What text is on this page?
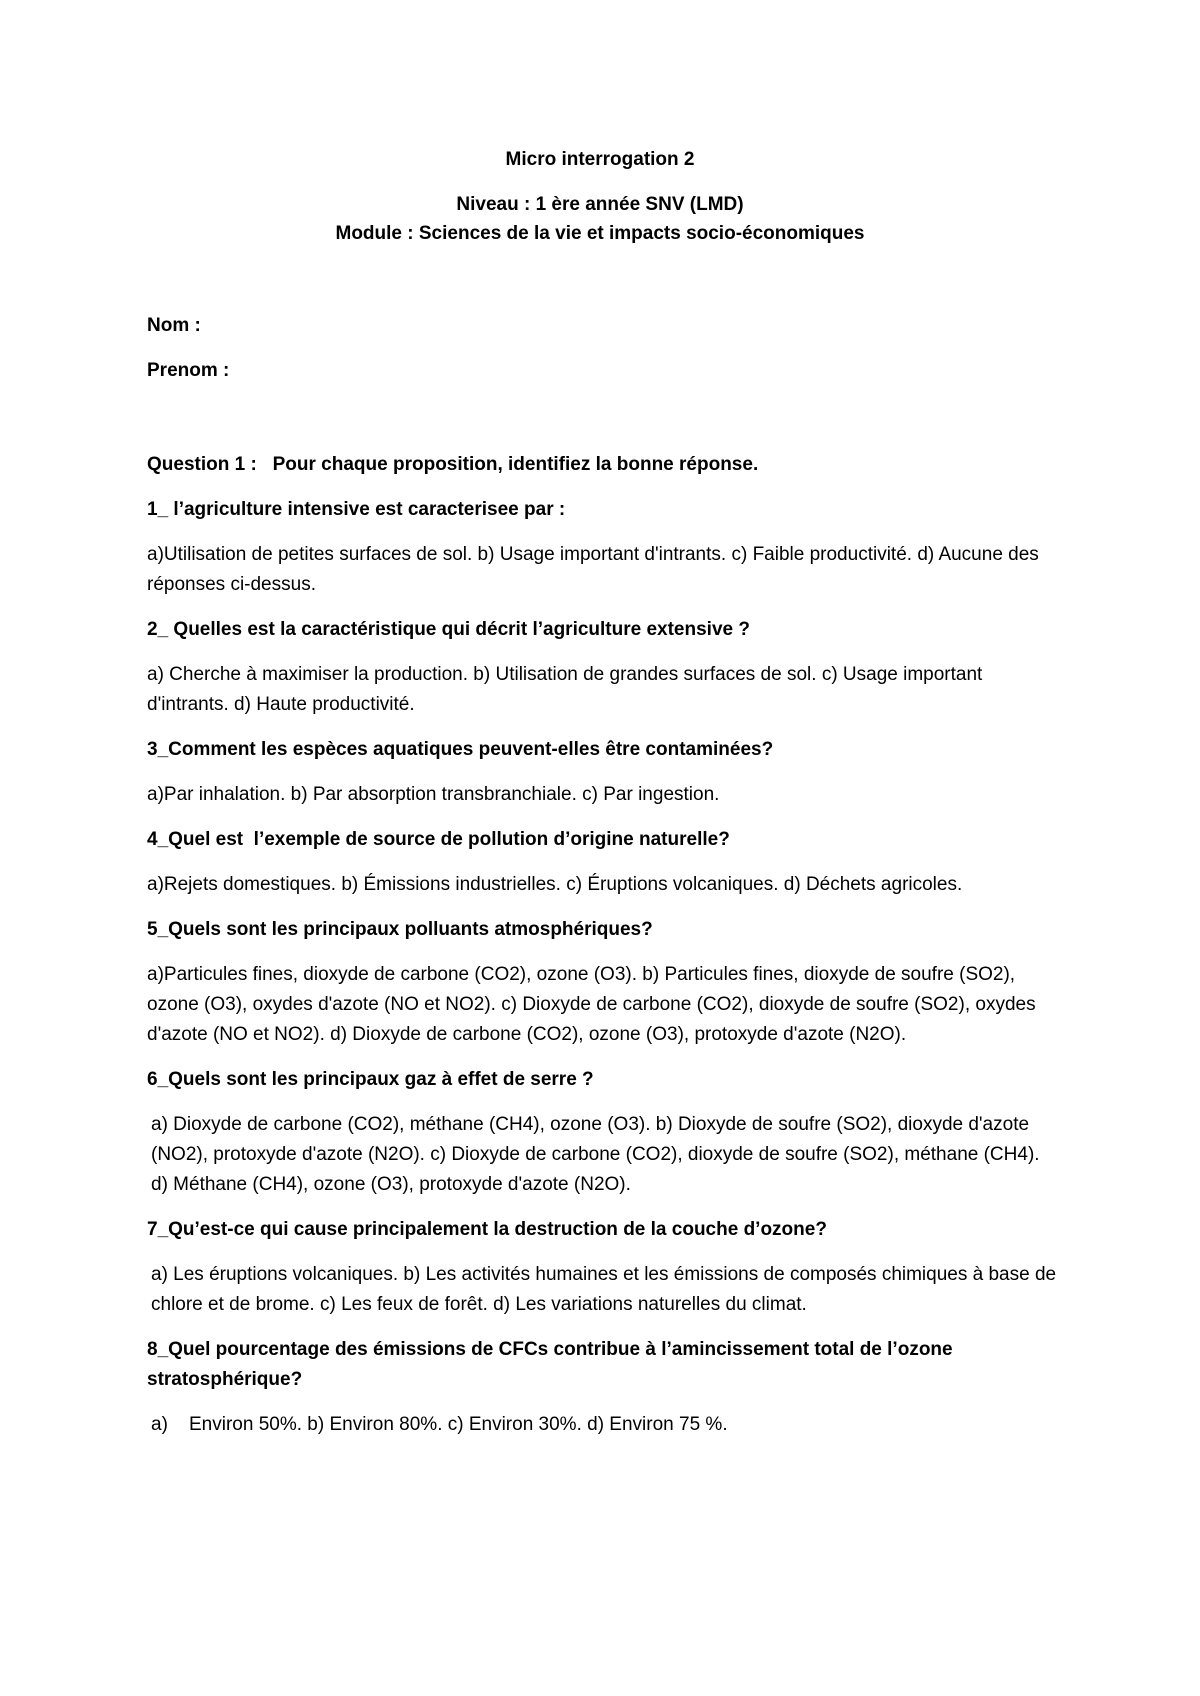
Micro interrogation 2
Niveau : 1 ère année SNV (LMD)
Module : Sciences de la vie et impacts socio-économiques
Nom :
Prenom :
Question 1 :   Pour chaque proposition, identifiez la bonne réponse.
1_ l’agriculture intensive est caracterisee par :
a)Utilisation de petites surfaces de sol. b) Usage important d'intrants. c) Faible productivité. d) Aucune des réponses ci-dessus.
2_ Quelles est la caractéristique qui décrit l’agriculture extensive ?
a) Cherche à maximiser la production. b) Utilisation de grandes surfaces de sol. c) Usage important d'intrants. d) Haute productivité.
3_Comment les espèces aquatiques peuvent-elles être contaminées?
a)Par inhalation. b) Par absorption transbranchiale. c) Par ingestion.
4_Quel est  l’exemple de source de pollution d’origine naturelle?
a)Rejets domestiques. b) Émissions industrielles. c) Éruptions volcaniques. d) Déchets agricoles.
5_Quels sont les principaux polluants atmosphériques?
a)Particules fines, dioxyde de carbone (CO2), ozone (O3). b) Particules fines, dioxyde de soufre (SO2), ozone (O3), oxydes d'azote (NO et NO2). c) Dioxyde de carbone (CO2), dioxyde de soufre (SO2), oxydes d'azote (NO et NO2). d) Dioxyde de carbone (CO2), ozone (O3), protoxyde d'azote (N2O).
6_Quels sont les principaux gaz à effet de serre ?
a) Dioxyde de carbone (CO2), méthane (CH4), ozone (O3). b) Dioxyde de soufre (SO2), dioxyde d'azote (NO2), protoxyde d'azote (N2O). c) Dioxyde de carbone (CO2), dioxyde de soufre (SO2), méthane (CH4). d) Méthane (CH4), ozone (O3), protoxyde d'azote (N2O).
7_Qu’est-ce qui cause principalement la destruction de la couche d’ozone?
a) Les éruptions volcaniques. b) Les activités humaines et les émissions de composés chimiques à base de chlore et de brome. c) Les feux de forêt. d) Les variations naturelles du climat.
8_Quel pourcentage des émissions de CFCs contribue à l’amincissement total de l’ozone stratosphérique?
a) Environ 50%. b) Environ 80%. c) Environ 30%. d) Environ 75 %.
